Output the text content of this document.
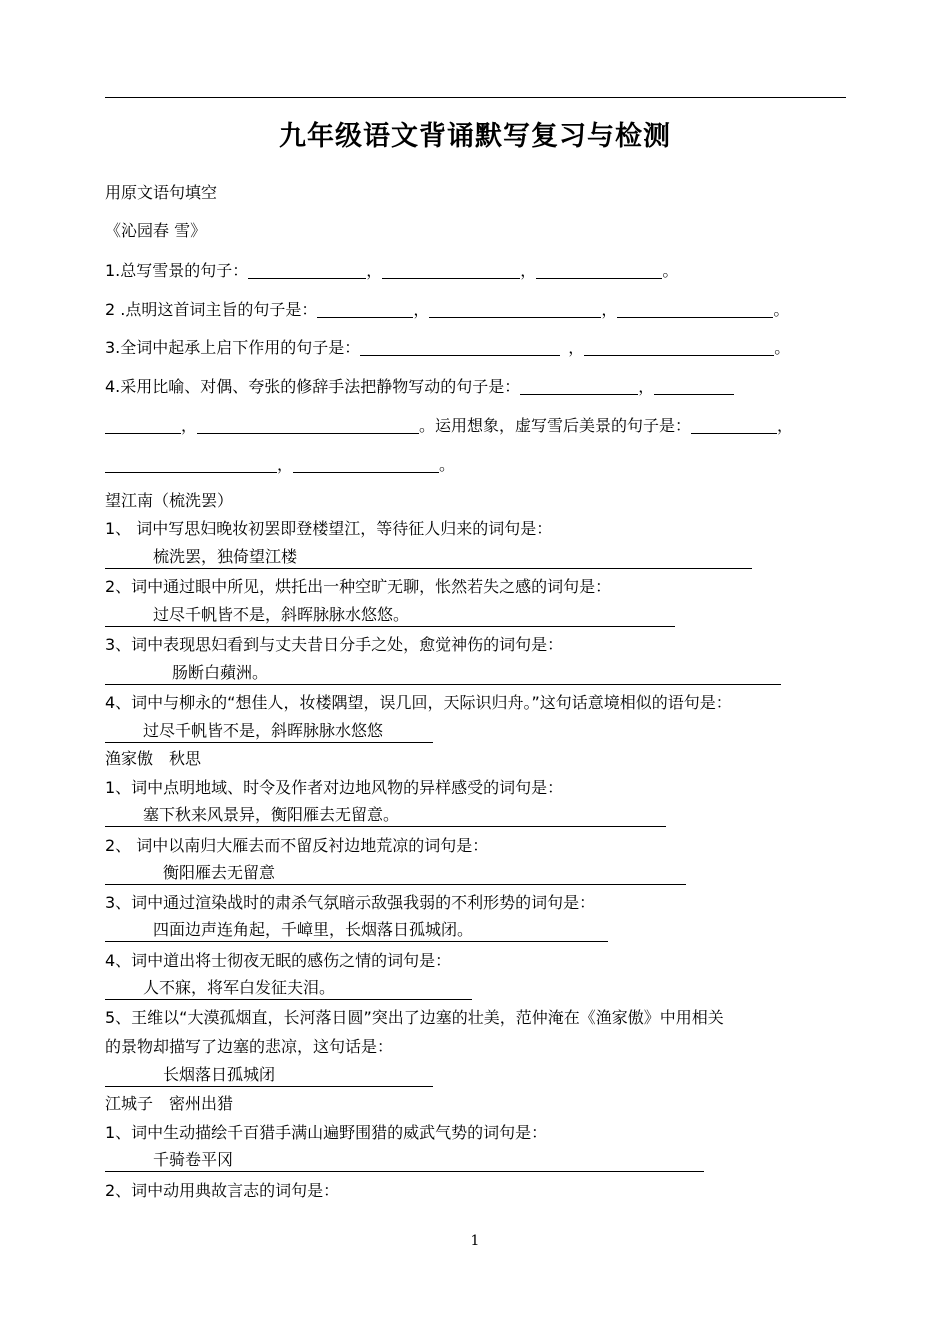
九年级语文背诵默写复习与检测
用原文语句填空
《沁园春 雪》
1.总写雪景的句子：	，	，	。
2 .点明这首词主旨的句子是：	，	，	。
3.全词中起承上启下作用的句子是：	，	。
4.采用比喻、对偶、夸张的修辞手法把静物写动的句子是：	，
，	。运用想象，虚写雪后美景的句子是：	，
，	。
望江南（梳洗罢）
1、 词中写思妇晚妆初罢即登楼望江，等待征人归来的词句是：
梳洗罢，独倚望江楼
2、词中通过眼中所见，烘托出一种空旷无聊，怅然若失之感的词句是：
过尽千帆皆不是，斜晖脉脉水悠悠。
3、词中表现思妇看到与丈夫昔日分手之处，愈觉神伤的词句是：
肠断白蘋洲。
4、词中与柳永的“想佳人，妆楼隅望，误几回，天际识归舟。”这句话意境相似的语句是：
过尽千帆皆不是，斜晖脉脉水悠悠
渔家傲　秋思
1、词中点明地域、时令及作者对边地风物的异样感受的词句是：
塞下秋来风景异，衡阳雁去无留意。
2、 词中以南归大雁去而不留反衬边地荒凉的词句是：
衡阳雁去无留意
3、词中通过渲染战时的肃杀气氛暗示敌强我弱的不利形势的词句是：
四面边声连角起，千嶂里，长烟落日孤城闭。
4、词中道出将士彻夜无眠的感伤之情的词句是：
人不寐，将军白发征夫泪。
5、王维以“大漠孤烟直，长河落日圆”突出了边塞的壮美，范仲淹在《渔家傲》中用相关
的景物却描写了边塞的悲凉，这句话是：
长烟落日孤城闭
江城子　密州出猎
1、词中生动描绘千百猎手满山遍野围猎的威武气势的词句是：
千骑卷平冈
2、词中动用典故言志的词句是：
1
